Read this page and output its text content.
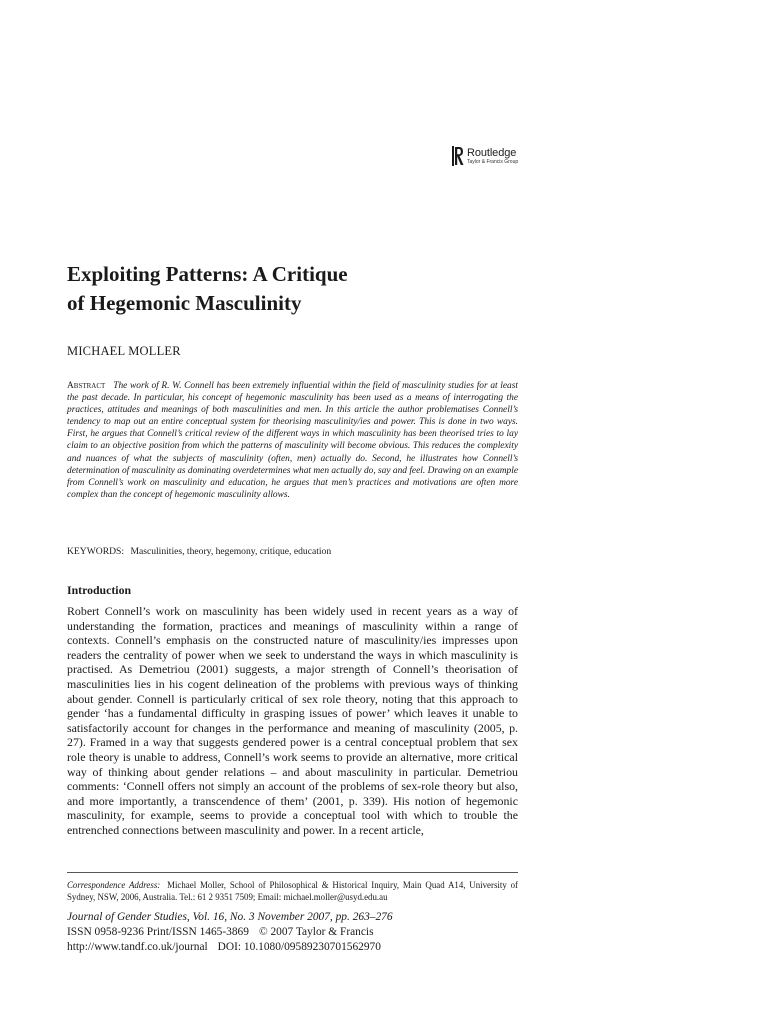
Routledge
Taylor & Francis Group
Exploiting Patterns: A Critique
of Hegemonic Masculinity
MICHAEL MOLLER

Abstract The work of R. W. Connell has been extremely influential within the field of masculinity studies for at least the past decade. In particular, his concept of hegemonic masculinity has been used as a means of interrogating the practices, attitudes and meanings of both masculinities and men. In this article the author problematises Connell’s tendency to map out an entire conceptual system for theorising masculinity/ies and power. This is done in two ways. First, he argues that Connell’s critical review of the different ways in which masculinity has been theorised tries to lay claim to an objective position from which the patterns of masculinity will become obvious. This reduces the complexity and nuances of what the subjects of masculinity (often, men) actually do. Second, he illustrates how Connell’s determination of masculinity as dominating overdetermines what men actually do, say and feel. Drawing on an example from Connell’s work on masculinity and education, he argues that men’s practices and motivations are often more complex than the concept of hegemonic masculinity allows.

KEYWORDS: Masculinities, theory, hegemony, critique, education
Introduction

Robert Connell’s work on masculinity has been widely used in recent years as a way of understanding the formation, practices and meanings of masculinity within a range of contexts. Connell’s emphasis on the constructed nature of masculinity/ies impresses upon readers the centrality of power when we seek to understand the ways in which masculinity is practised. As Demetriou (2001) suggests, a major strength of Connell’s theorisation of masculinities lies in his cogent delineation of the problems with previous ways of thinking about gender. Connell is particularly critical of sex role theory, noting that this approach to gender ‘has a fundamental difficulty in grasping issues of power’ which leaves it unable to satisfactorily account for changes in the performance and meaning of masculinity (2005, p. 27). Framed in a way that suggests gendered power is a central conceptual problem that sex role theory is unable to address, Connell’s work seems to provide an alternative, more critical way of thinking about gender relations – and about masculinity in particular. Demetriou comments: ‘Connell offers not simply an account of the problems of sex-role theory but also, and more importantly, a transcendence of them’ (2001, p. 339). His notion of hegemonic masculinity, for example, seems to provide a conceptual tool with which to trouble the entrenched connections between masculinity and power. In a recent article,

Correspondence Address: Michael Moller, School of Philosophical & Historical Inquiry, Main Quad A14, University of Sydney, NSW, 2006, Australia. Tel.: 61 2 9351 7509; Email: michael.moller@usyd.edu.au

Journal of Gender Studies, Vol. 16, No. 3 November 2007, pp. 263–276
ISSN 0958-9236 Print/ISSN 1465-3869 © 2007 Taylor & Francis
http://www.tandf.co.uk/journal DOI: 10.1080/09589230701562970
